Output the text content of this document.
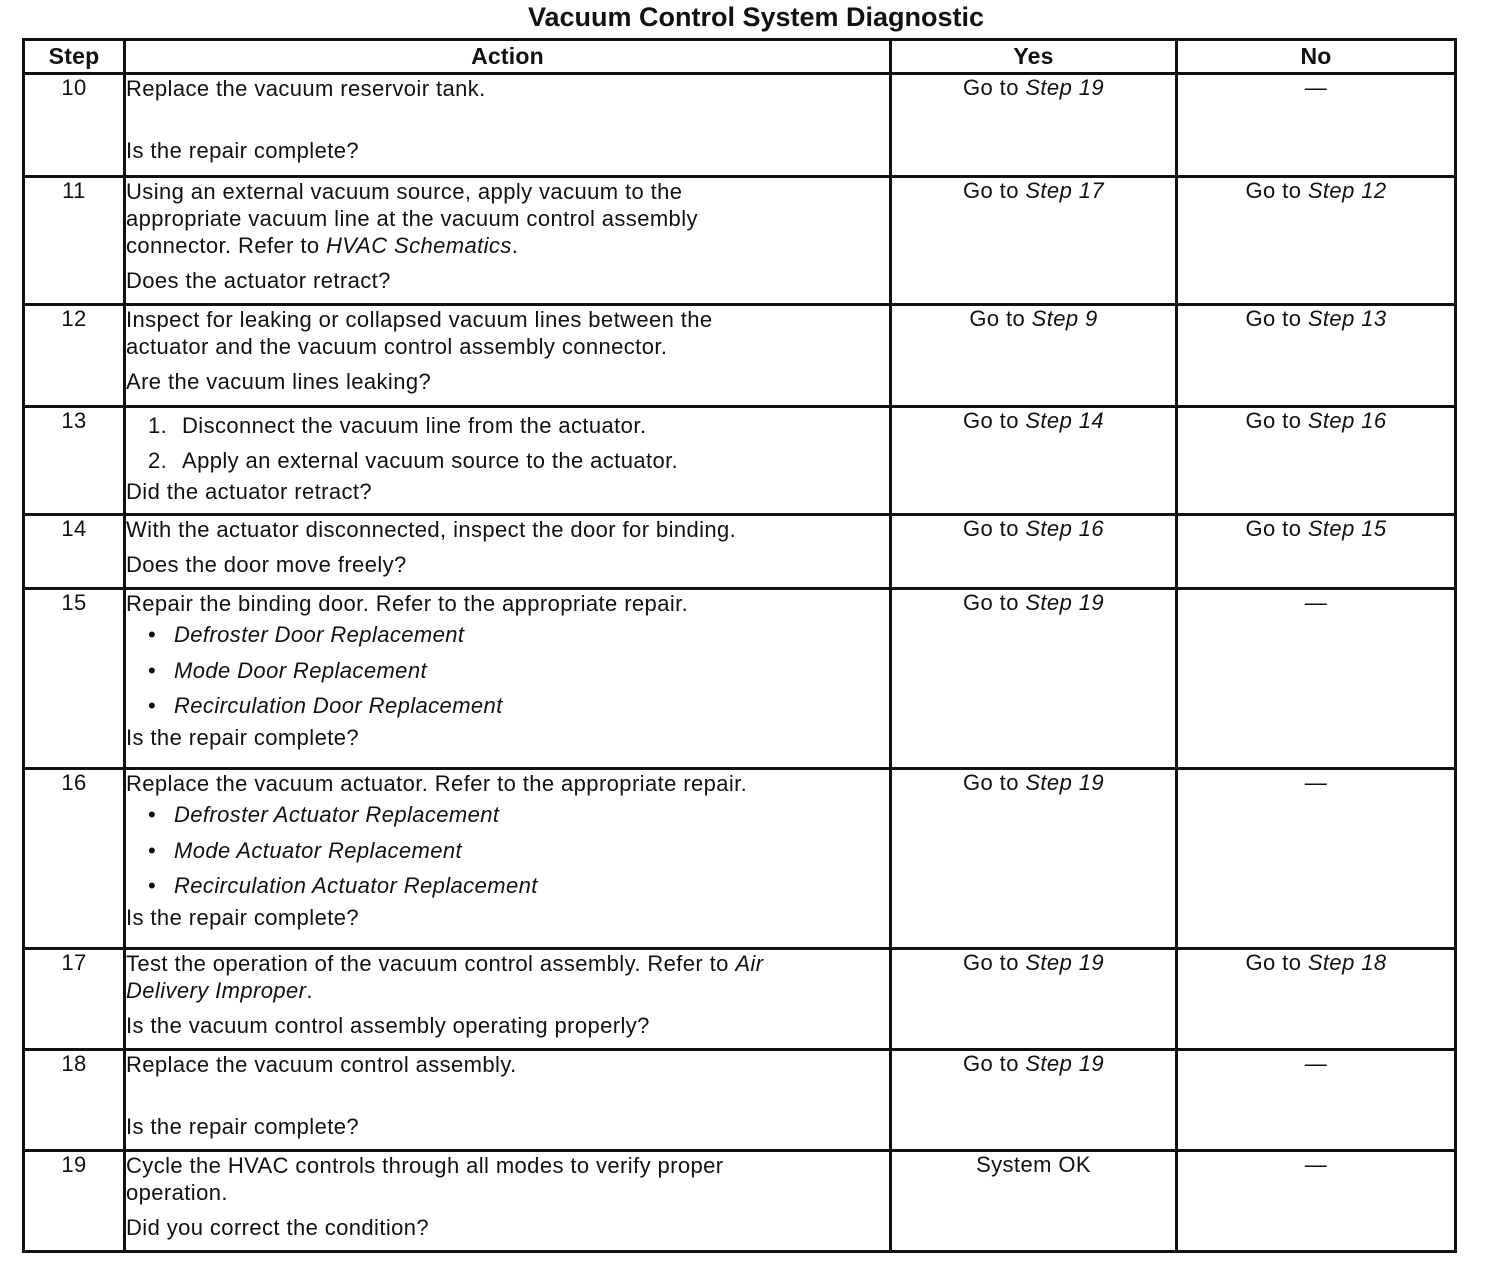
Vacuum Control System Diagnostic
Step	Action	Yes	No
10	Replace the vacuum reservoir tank.
Is the repair complete?	Go to Step 19	—
11	Using an external vacuum source, apply vacuum to the
appropriate vacuum line at the vacuum control assembly
connector. Refer to HVAC Schematics.
Does the actuator retract?	Go to Step 17	Go to Step 12
12	Inspect for leaking or collapsed vacuum lines between the
actuator and the vacuum control assembly connector.
Are the vacuum lines leaking?	Go to Step 9	Go to Step 13
13	1. Disconnect the vacuum line from the actuator.
2. Apply an external vacuum source to the actuator.
Did the actuator retract?	Go to Step 14	Go to Step 16
14	With the actuator disconnected, inspect the door for binding.
Does the door move freely?	Go to Step 16	Go to Step 15
15	Repair the binding door. Refer to the appropriate repair.
• Defroster Door Replacement
• Mode Door Replacement
• Recirculation Door Replacement
Is the repair complete?	Go to Step 19	—
16	Replace the vacuum actuator. Refer to the appropriate repair.
• Defroster Actuator Replacement
• Mode Actuator Replacement
• Recirculation Actuator Replacement
Is the repair complete?	Go to Step 19	—
17	Test the operation of the vacuum control assembly. Refer to Air
Delivery Improper.
Is the vacuum control assembly operating properly?	Go to Step 19	Go to Step 18
18	Replace the vacuum control assembly.
Is the repair complete?	Go to Step 19	—
19	Cycle the HVAC controls through all modes to verify proper
operation.
Did you correct the condition?	System OK	—
